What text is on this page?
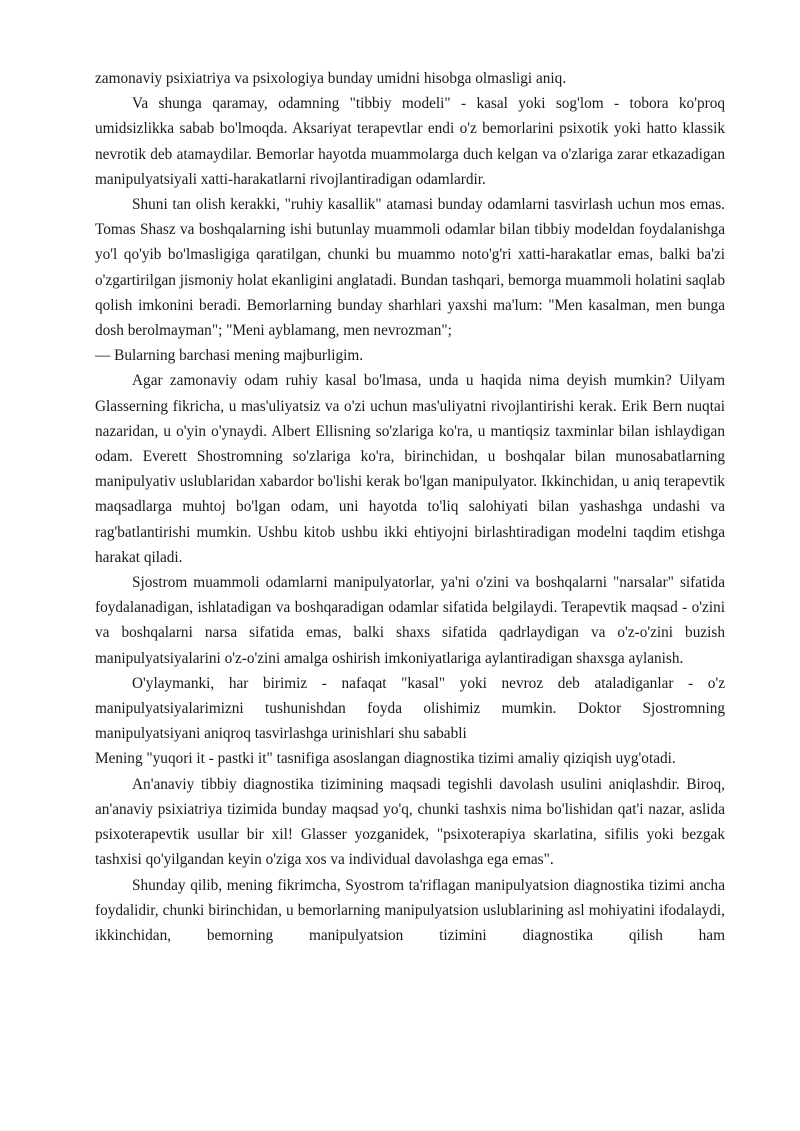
zamonaviy psixiatriya va psixologiya bunday umidni hisobga olmasligi aniq.

Va shunga qaramay, odamning "tibbiy modeli" - kasal yoki sog'lom - tobora ko'proq umidsizlikka sabab bo'lmoqda. Aksariyat terapevtlar endi o'z bemorlarini psixotik yoki hatto klassik nevrotik deb atamaydilar. Bemorlar hayotda muammolarga duch kelgan va o'zlariga zarar etkazadigan manipulyatsiyali xatti-harakatlarni rivojlantiradigan odamlardir.

Shuni tan olish kerakki, "ruhiy kasallik" atamasi bunday odamlarni tasvirlash uchun mos emas. Tomas Shasz va boshqalarning ishi butunlay muammoli odamlar bilan tibbiy modeldan foydalanishga yo'l qo'yib bo'lmasligiga qaratilgan, chunki bu muammo noto'g'ri xatti-harakatlar emas, balki ba'zi o'zgartirilgan jismoniy holat ekanligini anglatadi. Bundan tashqari, bemorga muammoli holatini saqlab qolish imkonini beradi. Bemorlarning bunday sharhlari yaxshi ma'lum: "Men kasalman, men bunga dosh berolmayman"; "Meni ayblamang, men nevrozman";

— Bularning barchasi mening majburligim.

Agar zamonaviy odam ruhiy kasal bo'lmasa, unda u haqida nima deyish mumkin? Uilyam Glasserning fikricha, u mas'uliyatsiz va o'zi uchun mas'uliyatni rivojlantirishi kerak. Erik Bern nuqtai nazaridan, u o'yin o'ynaydi. Albert Ellisning so'zlariga ko'ra, u mantiqsiz taxminlar bilan ishlaydigan odam. Everett Shostromning so'zlariga ko'ra, birinchidan, u boshqalar bilan munosabatlarning manipulyativ uslublaridan xabardor bo'lishi kerak bo'lgan manipulyator. Ikkinchidan, u aniq terapevtik maqsadlarga muhtoj bo'lgan odam, uni hayotda to'liq salohiyati bilan yashashga undashi va rag'batlantirishi mumkin. Ushbu kitob ushbu ikki ehtiyojni birlashtiradigan modelni taqdim etishga harakat qiladi.

Sjostrom muammoli odamlarni manipulyatorlar, ya'ni o'zini va boshqalarni "narsalar" sifatida foydalanadigan, ishlatadigan va boshqaradigan odamlar sifatida belgilaydi. Terapevtik maqsad - o'zini va boshqalarni narsa sifatida emas, balki shaxs sifatida qadrlaydigan va o'z-o'zini buzish manipulyatsiyalarini o'z-o'zini amalga oshirish imkoniyatlariga aylantiradigan shaxsga aylanish.

O'ylaymanki, har birimiz - nafaqat "kasal" yoki nevroz deb ataladiganlar - o'z manipulyatsiyalarimizni tushunishdan foyda olishimiz mumkin. Doktor Sjostromning manipulyatsiyani aniqroq tasvirlashga urinishlari shu sababli

Mening "yuqori it - pastki it" tasnifiga asoslangan diagnostika tizimi amaliy qiziqish uyg'otadi.

An'anaviy tibbiy diagnostika tizimining maqsadi tegishli davolash usulini aniqlashdir. Biroq, an'anaviy psixiatriya tizimida bunday maqsad yo'q, chunki tashxis nima bo'lishidan qat'i nazar, aslida psixoterapevtik usullar bir xil! Glasser yozganidek, "psixoterapiya skarlatina, sifilis yoki bezgak tashxisi qo'yilgandan keyin o'ziga xos va individual davolashga ega emas".

Shunday qilib, mening fikrimcha, Syostrom ta'riflagan manipulyatsion diagnostika tizimi ancha foydalidir, chunki birinchidan, u bemorlarning manipulyatsion uslublarining asl mohiyatini ifodalaydi, ikkinchidan, bemorning manipulyatsion tizimini diagnostika qilish ham
